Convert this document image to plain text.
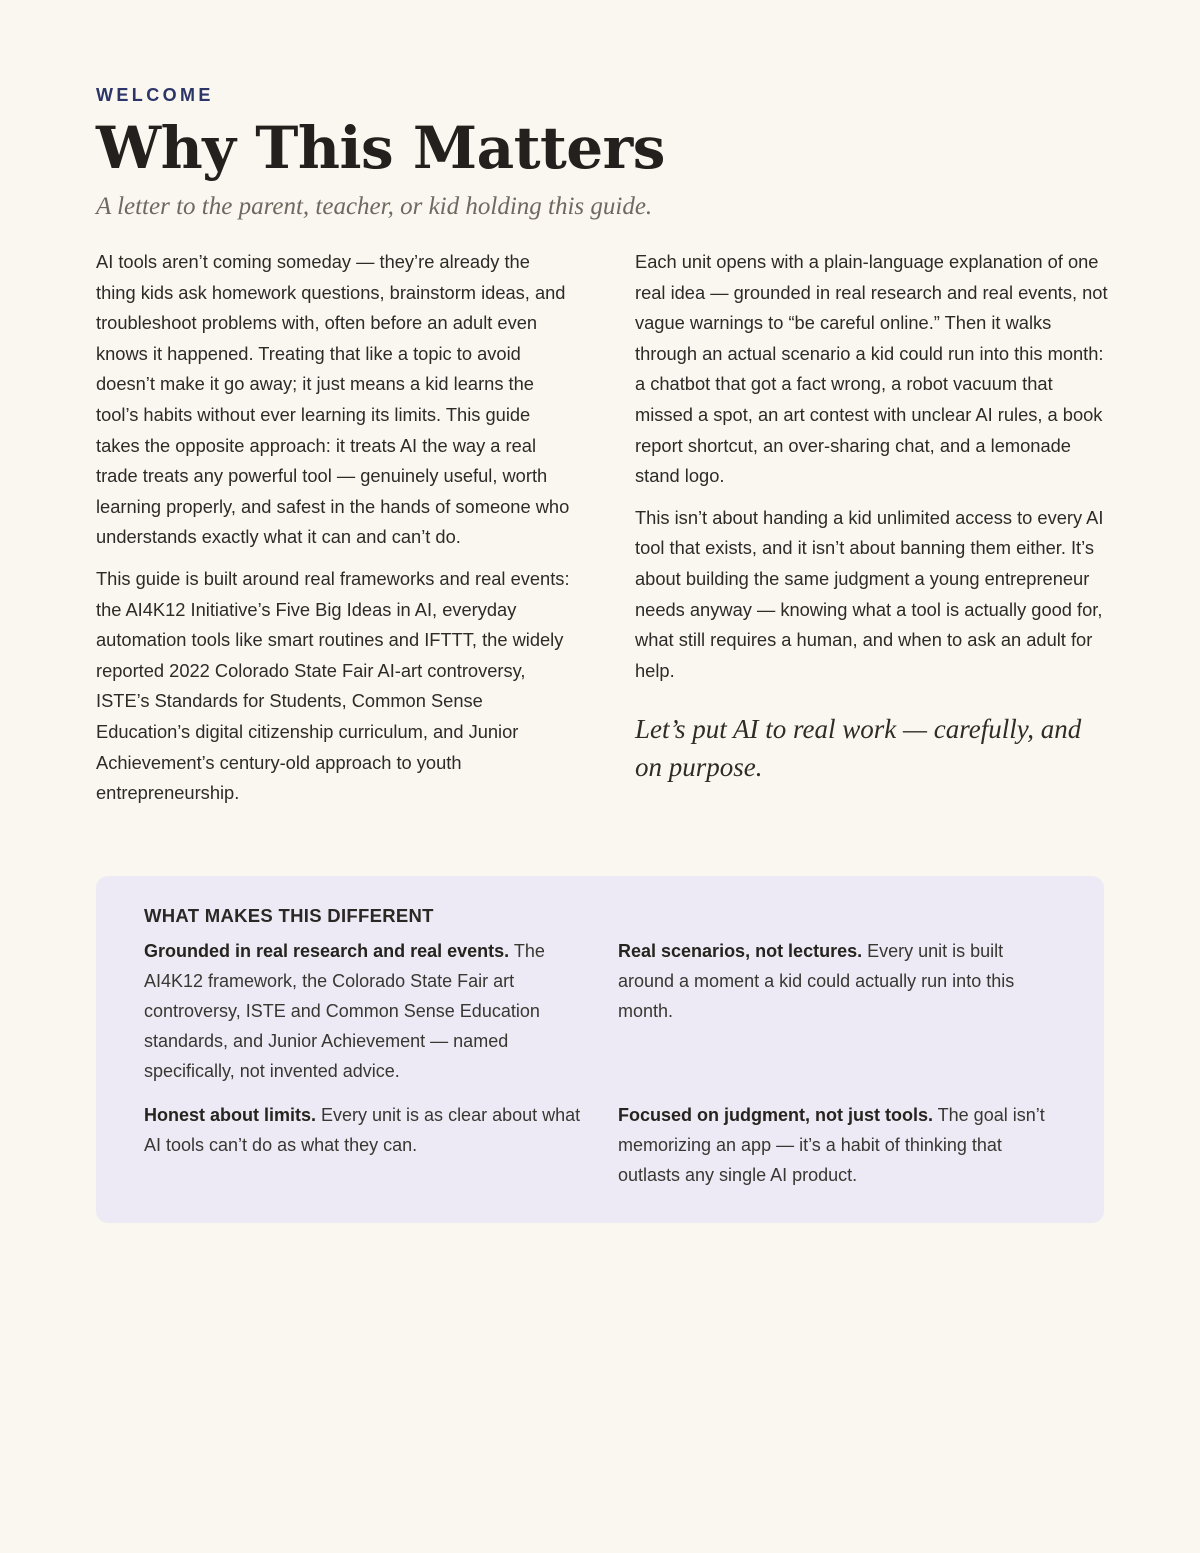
WELCOME
Why This Matters
A letter to the parent, teacher, or kid holding this guide.

AI tools aren’t coming someday — they’re already the thing kids ask homework questions, brainstorm ideas, and troubleshoot problems with, often before an adult even knows it happened. Treating that like a topic to avoid doesn’t make it go away; it just means a kid learns the tool’s habits without ever learning its limits. This guide takes the opposite approach: it treats AI the way a real trade treats any powerful tool — genuinely useful, worth learning properly, and safest in the hands of someone who understands exactly what it can and can’t do.

This guide is built around real frameworks and real events: the AI4K12 Initiative’s Five Big Ideas in AI, everyday automation tools like smart routines and IFTTT, the widely reported 2022 Colorado State Fair AI-art controversy, ISTE’s Standards for Students, Common Sense Education’s digital citizenship curriculum, and Junior Achievement’s century-old approach to youth entrepreneurship.

Each unit opens with a plain-language explanation of one real idea — grounded in real research and real events, not vague warnings to “be careful online.” Then it walks through an actual scenario a kid could run into this month: a chatbot that got a fact wrong, a robot vacuum that missed a spot, an art contest with unclear AI rules, a book report shortcut, an over-sharing chat, and a lemonade stand logo.

This isn’t about handing a kid unlimited access to every AI tool that exists, and it isn’t about banning them either. It’s about building the same judgment a young entrepreneur needs anyway — knowing what a tool is actually good for, what still requires a human, and when to ask an adult for help.

Let’s put AI to real work — carefully, and on purpose.
WHAT MAKES THIS DIFFERENT
Grounded in real research and real events. The AI4K12 framework, the Colorado State Fair art controversy, ISTE and Common Sense Education standards, and Junior Achievement — named specifically, not invented advice.
Real scenarios, not lectures. Every unit is built around a moment a kid could actually run into this month.
Honest about limits. Every unit is as clear about what AI tools can’t do as what they can.
Focused on judgment, not just tools. The goal isn’t memorizing an app — it’s a habit of thinking that outlasts any single AI product.
